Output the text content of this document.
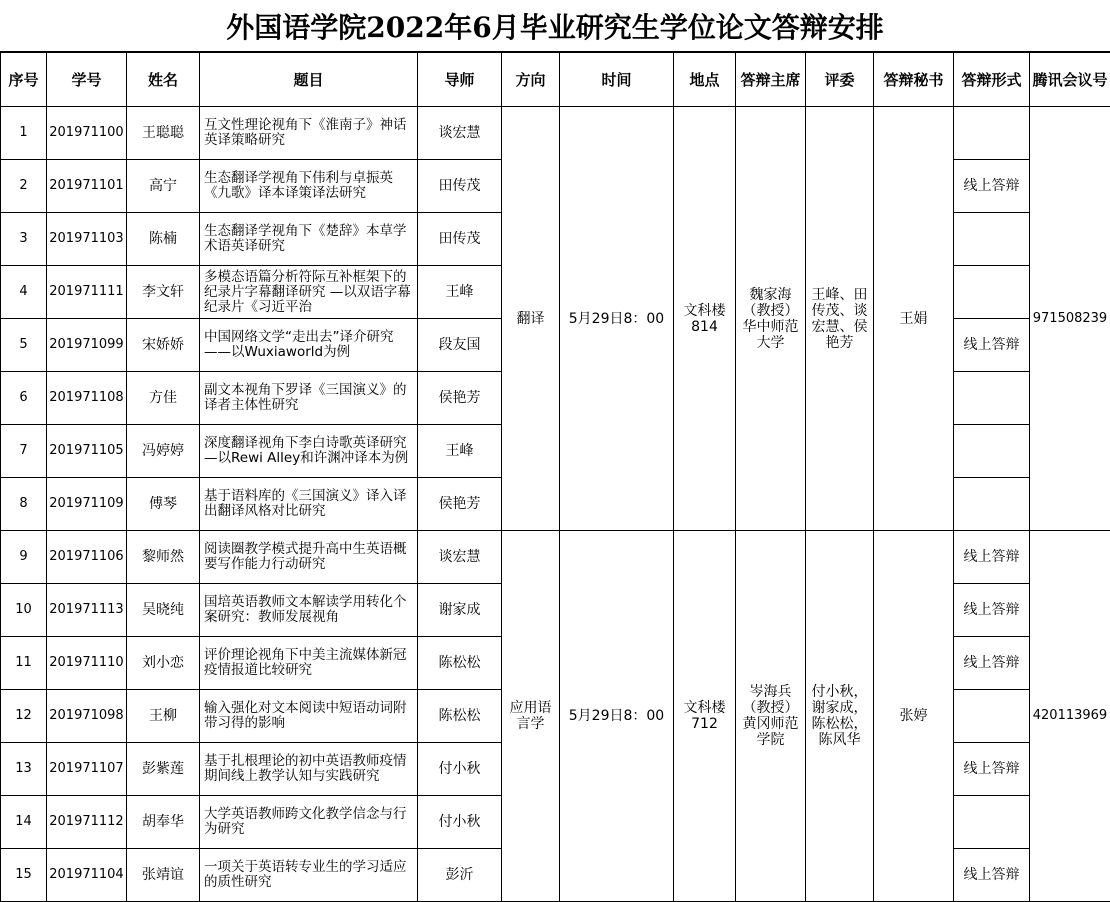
外国语学院2022年6月毕业研究生学位论文答辩安排
序号	学号	姓名	题目	导师	方向	时间	地点	答辩主席	评委	答辩秘书	答辩形式	腾讯会议号
1	201971100	王聪聪	互文性理论视角下《淮南子》神话英译策略研究	谈宏慧	翻译	5月29日8：00	文科楼814	魏家海（教授）华中师范大学	王峰、田传茂、谈宏慧、侯艳芳	王娟		971508239
2	201971101	高宁	生态翻译学视角下伟利与卓振英《九歌》译本译策译法研究	田传茂							线上答辩	
3	201971103	陈楠	生态翻译学视角下《楚辞》本草学术语英译研究	田传茂								
4	201971111	李文轩	多模态语篇分析符际互补框架下的纪录片字幕翻译研究 —以双语字幕纪录片《习近平治	王峰								
5	201971099	宋娇娇	中国网络文学“走出去”译介研究 ——以Wuxiaworld为例	段友国							线上答辩	
6	201971108	方佳	副文本视角下罗译《三国演义》的译者主体性研究	侯艳芳								
7	201971105	冯婷婷	深度翻译视角下李白诗歌英译研究—以Rewi Alley和许渊冲译本为例	王峰								
8	201971109	傅琴	基于语料库的《三国演义》译入译出翻译风格对比研究	侯艳芳								
9	201971106	黎师然	阅读圈教学模式提升高中生英语概要写作能力行动研究	谈宏慧	应用语言学	5月29日8：00	文科楼712	岑海兵（教授）黄冈师范学院	付小秋，谢家成，陈松松，陈风华	张婷	线上答辩	420113969
10	201971113	吴晓纯	国培英语教师文本解读学用转化个案研究：教师发展视角	谢家成							线上答辩	
11	201971110	刘小恋	评价理论视角下中美主流媒体新冠疫情报道比较研究	陈松松							线上答辩	
12	201971098	王柳	输入强化对文本阅读中短语动词附带习得的影响	陈松松								
13	201971107	彭紫莲	基于扎根理论的初中英语教师疫情期间线上教学认知与实践研究	付小秋							线上答辩	
14	201971112	胡奉华	大学英语教师跨文化教学信念与行为研究	付小秋								
15	201971104	张靖谊	一项关于英语转专业生的学习适应的质性研究	彭沂							线上答辩	
